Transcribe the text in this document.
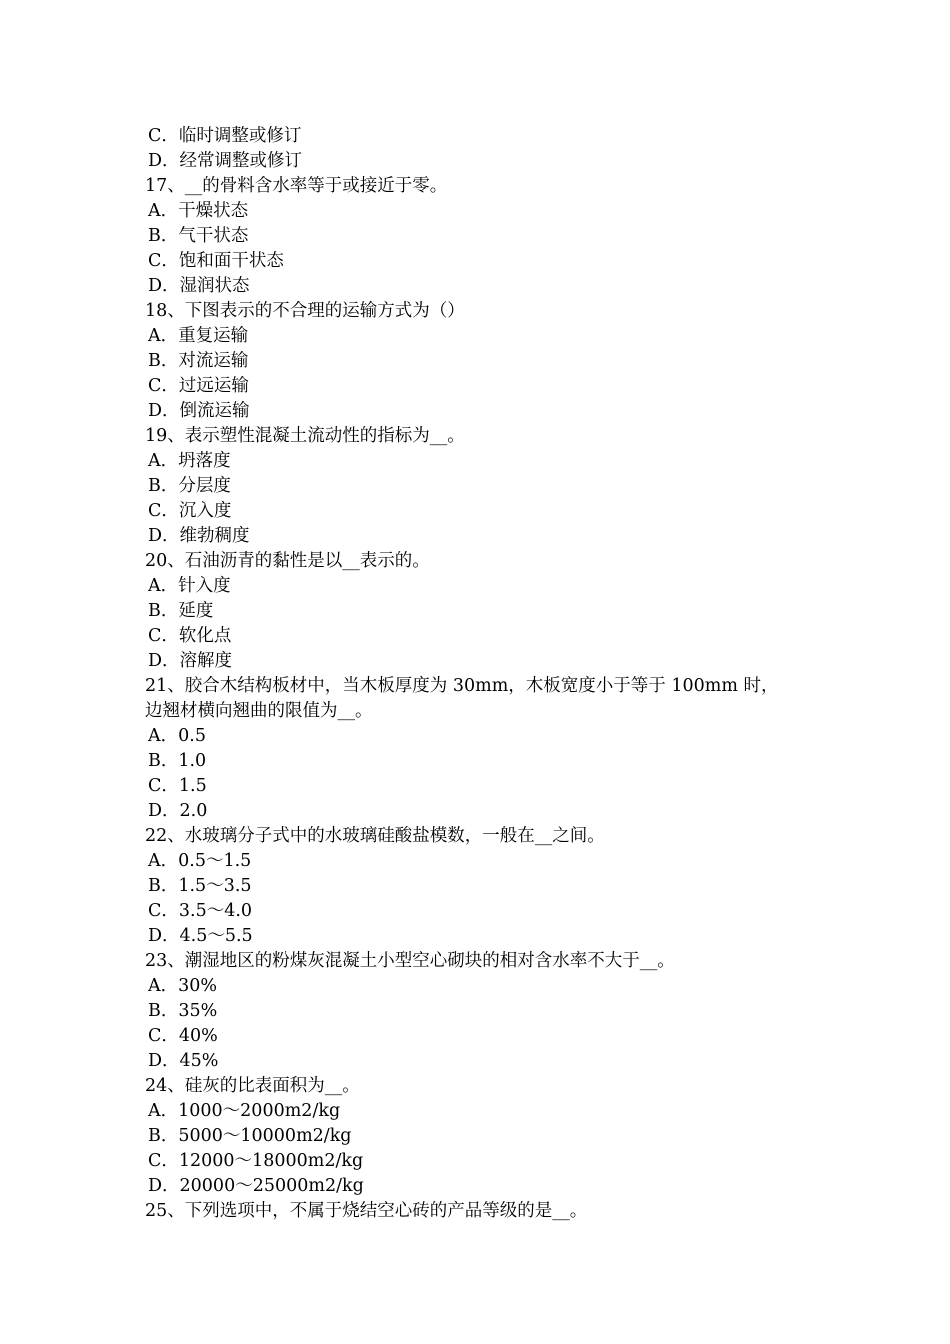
C．临时调整或修订
D．经常调整或修订
17、__的骨料含水率等于或接近于零。
A．干燥状态
B．气干状态
C．饱和面干状态
D．湿润状态
18、下图表示的不合理的运输方式为（）
A．重复运输
B．对流运输
C．过远运输
D．倒流运输
19、表示塑性混凝土流动性的指标为__。
A．坍落度
B．分层度
C．沉入度
D．维勃稠度
20、石油沥青的黏性是以__表示的。
A．针入度
B．延度
C．软化点
D．溶解度
21、胶合木结构板材中，当木板厚度为 30mm，木板宽度小于等于 100mm 时，
边翘材横向翘曲的限值为__。
A．0.5
B．1.0
C．1.5
D．2.0
22、水玻璃分子式中的水玻璃硅酸盐模数，一般在__之间。
A．0.5～1.5
B．1.5～3.5
C．3.5～4.0
D．4.5～5.5
23、潮湿地区的粉煤灰混凝土小型空心砌块的相对含水率不大于__。
A．30%
B．35%
C．40%
D．45%
24、硅灰的比表面积为__。
A．1000～2000m2/kg
B．5000～10000m2/kg
C．12000～18000m2/kg
D．20000～25000m2/kg
25、下列选项中，不属于烧结空心砖的产品等级的是__。
